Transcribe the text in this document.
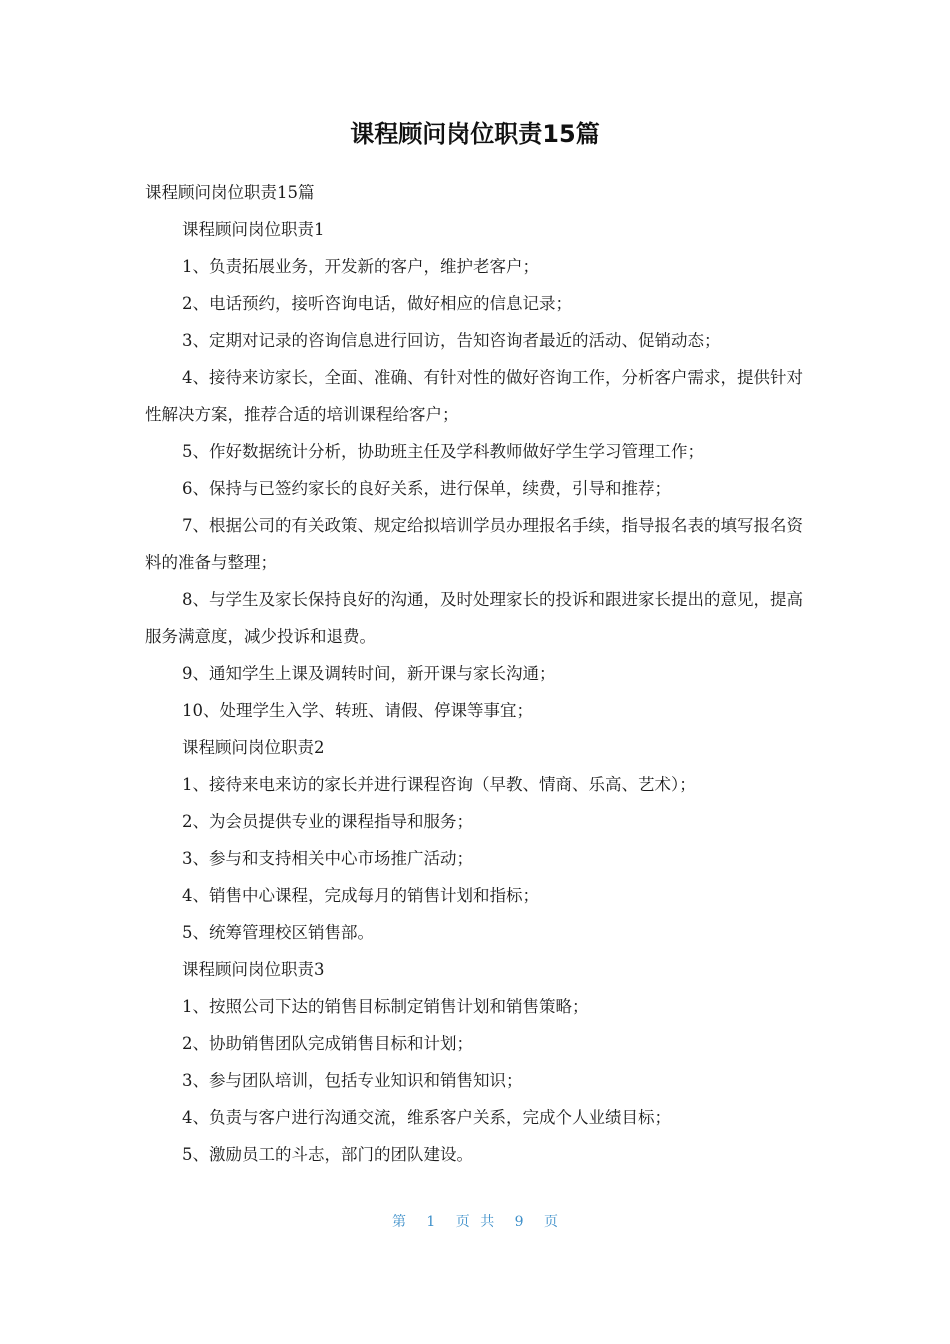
课程顾问岗位职责15篇

课程顾问岗位职责15篇

课程顾问岗位职责1

1、负责拓展业务，开发新的客户，维护老客户；

2、电话预约，接听咨询电话，做好相应的信息记录；

3、定期对记录的咨询信息进行回访，告知咨询者最近的活动、促销动态；

4、接待来访家长，全面、准确、有针对性的做好咨询工作，分析客户需求，提供针对性解决方案，推荐合适的培训课程给客户；

5、作好数据统计分析，协助班主任及学科教师做好学生学习管理工作；

6、保持与已签约家长的良好关系，进行保单，续费，引导和推荐；

7、根据公司的有关政策、规定给拟培训学员办理报名手续，指导报名表的填写报名资料的准备与整理；

8、与学生及家长保持良好的沟通，及时处理家长的投诉和跟进家长提出的意见，提高服务满意度，减少投诉和退费。

9、通知学生上课及调转时间，新开课与家长沟通；

10、处理学生入学、转班、请假、停课等事宜；

课程顾问岗位职责2

1、接待来电来访的家长并进行课程咨询（早教、情商、乐高、艺术）；

2、为会员提供专业的课程指导和服务；

3、参与和支持相关中心市场推广活动；

4、销售中心课程，完成每月的销售计划和指标；

5、统筹管理校区销售部。

课程顾问岗位职责3

1、按照公司下达的销售目标制定销售计划和销售策略；

2、协助销售团队完成销售目标和计划；

3、参与团队培训，包括专业知识和销售知识；

4、负责与客户进行沟通交流，维系客户关系，完成个人业绩目标；

5、激励员工的斗志，部门的团队建设。

第 1 页 共 9 页
